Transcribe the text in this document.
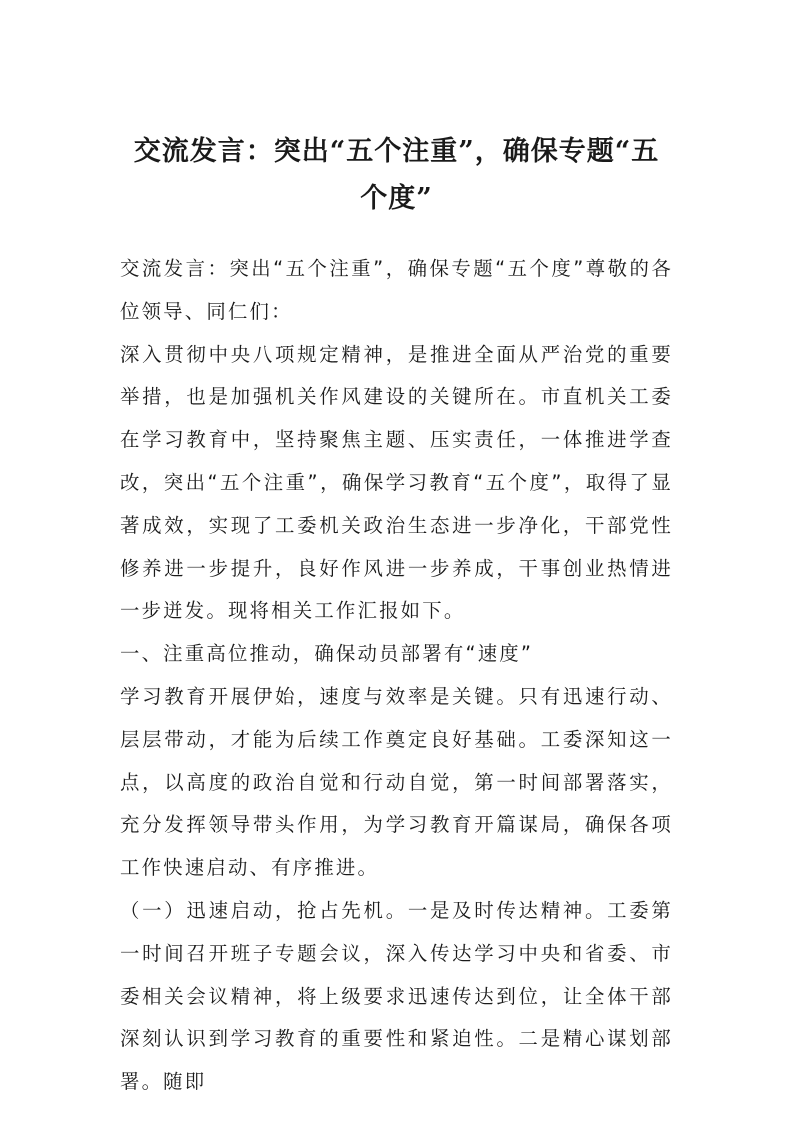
交流发言：突出“五个注重”，确保专题“五个度”

交流发言：突出“五个注重”，确保专题“五个度”尊敬的各位领导、同仁们：

深入贯彻中央八项规定精神，是推进全面从严治党的重要举措，也是加强机关作风建设的关键所在。市直机关工委在学习教育中，坚持聚焦主题、压实责任，一体推进学查改，突出“五个注重”，确保学习教育“五个度”，取得了显著成效，实现了工委机关政治生态进一步净化，干部党性修养进一步提升，良好作风进一步养成，干事创业热情进一步迸发。现将相关工作汇报如下。

一、注重高位推动，确保动员部署有“速度”

学习教育开展伊始，速度与效率是关键。只有迅速行动、层层带动，才能为后续工作奠定良好基础。工委深知这一点，以高度的政治自觉和行动自觉，第一时间部署落实，充分发挥领导带头作用，为学习教育开篇谋局，确保各项工作快速启动、有序推进。

（一）迅速启动，抢占先机。一是及时传达精神。工委第一时间召开班子专题会议，深入传达学习中央和省委、市委相关会议精神，将上级要求迅速传达到位，让全体干部深刻认识到学习教育的重要性和紧迫性。二是精心谋划部署。随即
